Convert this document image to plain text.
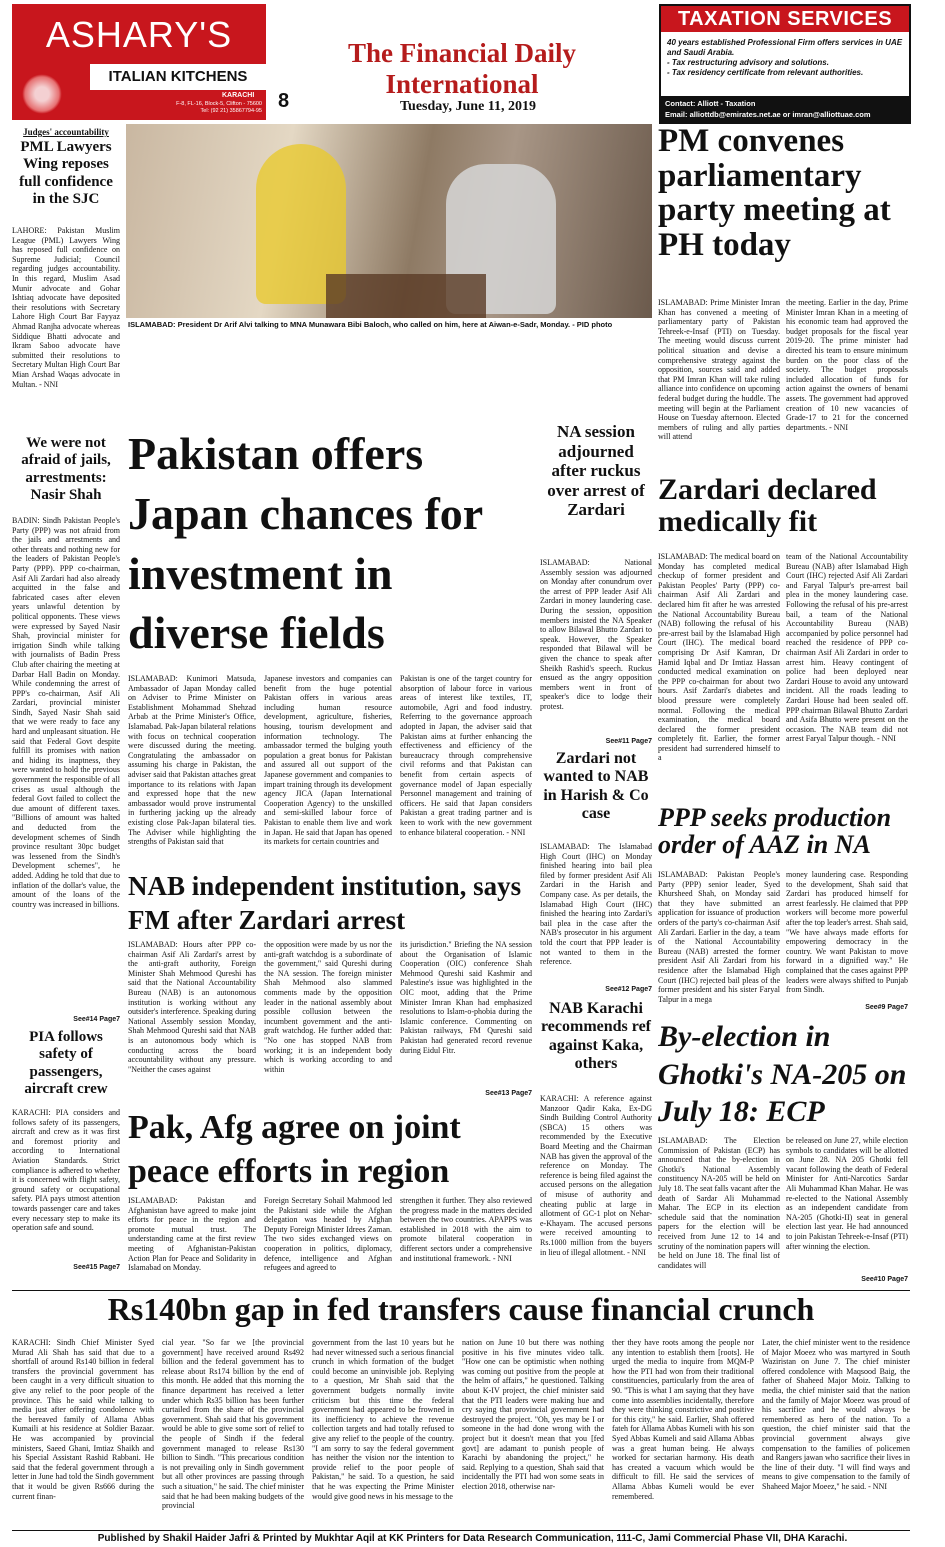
ASHARY'S
ITALIAN KITCHENS
KARACHI
F-8, FL-16, Block-5, Clifton - 75600
Tel: (92 21) 35867794-95
The Financial Daily International
8	Tuesday, June 11, 2019
TAXATION SERVICES
40 years established Professional Firm offers services in UAE and Saudi Arabia.
- Tax restructuring advisory and solutions.
- Tax residency certificate from relevant authorities.
Contact: Alliott - Taxation
Email: alliottdb@emirates.net.ae or imran@alliottuae.com
ISLAMABAD: President Dr Arif Alvi talking to MNA Munawara Bibi Baloch, who called on him, here at Aiwan-e-Sadr, Monday. - PID photo
Judges' accountability
PML Lawyers Wing reposes full confidence in the SJC
LAHORE: Pakistan Muslim League (PML) Lawyers Wing has reposed full confidence on Supreme Judicial; Council regarding judges accountability. In this regard, Muslim Asad Munir advocate and Gohar Ishtiaq advocate have deposited their resolutions with Secretary Lahore High Court Bar Fayyaz Ahmad Ranjha advocate whereas Siddique Bhatti advocate and Ikram Saboo advocate have submitted their resolutions to Secretary Multan High Court Bar Mian Arshad Waqas advocate in Multan. - NNI
We were not afraid of jails, arrestments: Nasir Shah
BADIN: Sindh Pakistan People's Party (PPP) was not afraid from the jails and arrestments and other threats and nothing new for the leaders of Pakistan People's Party (PPP). PPP co-chairman, Asif Ali Zardari had also already acquitted in the false and fabricated cases after eleven years unlawful detention by political opponents. These views were expressed by Sayed Nasir Shah, provincial minister for irrigation Sindh while talking with journalists of Badin Press Club after chairing the meeting at Darbar Hall Badin on Monday. While condemning the arrest of PPP's co-chairman, Asif Ali Zardari, provincial minister Sindh, Sayed Nasir Shah said that we were ready to face any hard and unpleasant situation. He said that Federal Govt despite fulfill its promises with nation and hiding its inaptness, they were wanted to hold the previous government the responsible of all crises as usual although the federal Govt failed to collect the due amount of different taxes. "Billions of amount was halted and deducted from the development schemes of Sindh province resultant 30pc budget was lessened from the Sindh's Development schemes", he added. Adding he told that due to inflation of the dollar's value, the amount of the loans of the country was increased in billions.
See#14 Page7
PIA follows safety of passengers, aircraft crew
KARACHI: PIA considers and follows safety of its passengers, aircraft and crew as it was first and foremost priority and according to International Aviation Standards. Strict compliance is adhered to whether it is concerned with flight safety, ground safety or occupational safety. PIA pays utmost attention towards passenger care and takes every necessary step to make its operation safe and sound.
See#15 Page7
PM convenes parliamentary party meeting at PH today
ISLAMABAD: Prime Minister Imran Khan has convened a meeting of parliamentary party of Pakistan Tehreek-e-Insaf (PTI) on Tuesday. The meeting would discuss current political situation and devise a comprehensive strategy against the opposition, sources said and added that PM Imran Khan will take ruling alliance into confidence on upcoming federal budget during the huddle. The meeting will begin at the Parliament House on Tuesday afternoon. Elected members of ruling and ally parties will attend
the meeting. Earlier in the day, Prime Minister Imran Khan in a meeting of his economic team had approved the budget proposals for the fiscal year 2019-20. The prime minister had directed his team to ensure minimum burden on the poor class of the society. The budget proposals included allocation of funds for action against the owners of benami assets. The government had approved creation of 10 new vacancies of Grade-17 to 21 for the concerned departments. - NNI
Pakistan offers Japan chances for investment in diverse fields
ISLAMABAD: Kunimori Matsuda, Ambassador of Japan Monday called on Adviser to Prime Minister on Establishment Mohammad Shehzad Arbab at the Prime Minister's Office, Islamabad. Pak-Japan bilateral relations with focus on technical cooperation were discussed during the meeting. Congratulating the ambassador on assuming his charge in Pakistan, the adviser said that Pakistan attaches great importance to its relations with Japan and expressed hope that the new ambassador would prove instrumental in furthering jacking up the already existing close Pak-Japan bilateral ties. The Adviser while highlighting the strengths of Pakistan said that
Japanese investors and companies can benefit from the huge potential Pakistan offers in various areas including human resource development, agriculture, fisheries, housing, tourism development and information technology. The ambassador termed the bulging youth population a great bonus for Pakistan and assured all out support of the Japanese government and companies to impart training through its development agency JICA (Japan International Cooperation Agency) to the unskilled and semi-skilled labour force of Pakistan to enable them live and work in Japan. He said that Japan has opened its markets for certain countries and
Pakistan is one of the target country for absorption of labour force in various areas of interest like textiles, IT, automobile, Agri and food industry. Referring to the governance approach adopted in Japan, the adviser said that Pakistan aims at further enhancing the effectiveness and efficiency of the bureaucracy through comprehensive civil reforms and that Pakistan can benefit from certain aspects of governance model of Japan especially Personnel management and training of officers. He said that Japan considers Pakistan a great trading partner and is keen to work with the new government to enhance bilateral cooperation. - NNI
NA session adjourned after ruckus over arrest of Zardari
ISLAMABAD: National Assembly session was adjourned on Monday after conundrum over the arrest of PPP leader Asif Ali Zardari in money laundering case. During the session, opposition members insisted the NA Speaker to allow Bilawal Bhutto Zardari to speak. However, the Speaker responded that Bilawal will be given the chance to speak after Sheikh Rashid's speech. Ruckus ensued as the angry opposition members went in front of speaker's dice to lodge their protest.
See#11 Page7
Zardari declared medically fit
ISLAMABAD: The medical board on Monday has completed medical checkup of former president and Pakistan Peoples' Party (PPP) co-chairman Asif Ali Zardari and declared him fit after he was arrested the National Accountability Bureau (NAB) following the refusal of his pre-arrest bail by the Islamabad High Court (IHC). The medical board comprising Dr Asif Kamran, Dr Hamid Iqbal and Dr Imtiaz Hassan conducted medical examination on the PPP co-chairman for about two hours. Asif Zardari's diabetes and blood pressure were completely normal. Following the medical examination, the medical board declared the former president completely fit. Earlier, the former president had surrendered himself to a
team of the National Accountability Bureau (NAB) after Islamabad High Court (IHC) rejected Asif Ali Zardari and Faryal Talpur's pre-arrest bail plea in the money laundering case. Following the refusal of his pre-arrest bail, a team of the National Accountability Bureau (NAB) accompanied by police personnel had reached the residence of PPP co-chairman Asif Ali Zardari in order to arrest him. Heavy contingent of police had been deployed near Zardari House to avoid any untoward incident. All the roads leading to Zardari House had been sealed off. PPP chairman Bilawal Bhutto Zardari and Asifa Bhutto were present on the occasion. The NAB team did not arrest Faryal Talpur though. - NNI
Zardari not wanted to NAB in Harish & Co case
ISLAMABAD: The Islamabad High Court (IHC) on Monday finished hearing into bail plea filed by former president Asif Ali Zardari in the Harish and Company case. As per details, the Islamabad High Court (IHC) finished the hearing into Zardari's bail plea in the case after the NAB's prosecutor in his argument told the court that PPP leader is not wanted to them in the reference.
See#12 Page7
PPP seeks production order of AAZ in NA
ISLAMABAD: Pakistan People's Party (PPP) senior leader, Syed Khursheed Shah, on Monday said that they have submitted an application for issuance of production orders of the party's co-chairman Asif Ali Zardari. Earlier in the day, a team of the National Accountability Bureau (NAB) arrested the former president Asif Ali Zardari from his residence after the Islamabad High Court (IHC) rejected bail pleas of the former president and his sister Faryal Talpur in a mega
money laundering case. Responding to the development, Shah said that Zardari has produced himself for arrest fearlessly. He claimed that PPP workers will become more powerful after the top leader's arrest. Shah said, "We have always made efforts for empowering democracy in the country. We want Pakistan to move forward in a dignified way." He complained that the cases against PPP leaders were always shifted to Punjab from Sindh.
See#9 Page7
NAB independent institution, says FM after Zardari arrest
ISLAMABAD: Hours after PPP co-chairman Asif Ali Zardari's arrest by the anti-graft authority, Foreign Minister Shah Mehmood Qureshi has said that the National Accountability Bureau (NAB) is an autonomous institution is working without any outsider's interference. Speaking during National Assembly session Monday, Shah Mehmood Qureshi said that NAB is an autonomous body which is conducting across the board accountability without any pressure. "Neither the cases against
the opposition were made by us nor the anti-graft watchdog is a subordinate of the government," said Qureshi during the NA session. The foreign minister Shah Mehmood also slammed comments made by the opposition leader in the national assembly about possible collusion between the incumbent government and the anti-graft watchdog. He further added that: "No one has stopped NAB from working; it is an independent body which is working according to and within
its jurisdiction." Briefing the NA session about the Organisation of Islamic Cooperation (OIC) conference Shah Mehmood Qureshi said Kashmir and Palestine's issue was highlighted in the OIC moot, adding that the Prime Minister Imran Khan had emphasized resolutions to Islam-o-phobia during the Islamic conference. Commenting on Pakistan railways, FM Qureshi said Pakistan had generated record revenue during Eidul Fitr.
See#13 Page7
NAB Karachi recommends ref against Kaka, others
KARACHI: A reference against Manzoor Qadir Kaka, Ex-DG Sindh Building Control Authority (SBCA) 15 others was recommended by the Executive Board Meeting and the Chairman NAB has given the approval of the reference on Monday. The reference is being filed against the accused persons on the allegation of misuse of authority and cheating public at large in allotment of GC-1 plot on Nehar-e-Khayam. The accused persons were received amounting to Rs.1000 million from the buyers in lieu of illegal allotment. - NNI
By-election in Ghotki's NA-205 on July 18: ECP
ISLAMABAD: The Election Commission of Pakistan (ECP) has announced that the by-election in Ghotki's National Assembly constituency NA-205 will be held on July 18. The seat falls vacant after the death of Sardar Ali Muhammad Mahar. The ECP in its election schedule said that the nomination papers for the election will be received from June 12 to 14 and scrutiny of the nomination papers will be held on June 18. The final list of candidates will
be released on June 27, while election symbols to candidates will be allotted on June 28. NA 205 Ghotki fell vacant following the death of Federal Minister for Anti-Narcotics Sardar Ali Muhammad Khan Mahar. He was re-elected to the National Assembly as an independent candidate from NA-205 (Ghotki-II) seat in general election last year. He had announced to join Pakistan Tehreek-e-Insaf (PTI) after winning the election.
See#10 Page7
Pak, Afg agree on joint peace efforts in region
ISLAMABAD: Pakistan and Afghanistan have agreed to make joint efforts for peace in the region and promote mutual trust. The understanding came at the first review meeting of Afghanistan-Pakistan Action Plan for Peace and Solidarity in Islamabad on Monday.
Foreign Secretary Sohail Mahmood led the Pakistani side while the Afghan delegation was headed by Afghan Deputy Foreign Minister Idrees Zaman. The two sides exchanged views on cooperation in politics, diplomacy, defence, intelligence and Afghan refugees and agreed to
strengthen it further. They also reviewed the progress made in the matters decided between the two countries. APAPPS was established in 2018 with the aim to promote bilateral cooperation in different sectors under a comprehensive and institutional framework. - NNI
Rs140bn gap in fed transfers cause financial crunch
KARACHI: Sindh Chief Minister Syed Murad Ali Shah has said that due to a shortfall of around Rs140 billion in federal transfers the provincial government has been caught in a very difficult situation to give any relief to the poor people of the province. This he said while talking to media just after offering condolence with the bereaved family of Allama Abbas Kumaili at his residence at Soldier Bazaar. He was accompanied by provincial ministers, Saeed Ghani, Imtiaz Shaikh and his Special Assistant Rashid Rabbani. He said that the federal government through a letter in June had told the Sindh government that it would be given Rs666 during the current finan-
cial year. "So far we [the provincial government] have received around Rs492 billion and the federal government has to release about Rs174 billion by the end of this month. He added that this morning the finance department has received a letter under which Rs35 billion has been further curtailed from the share of the provincial government. Shah said that his government would be able to give some sort of relief to the people of Sindh if the federal government managed to release Rs130 billion to Sindh. "This precarious condition is not prevailing only in Sindh government but all other provinces are passing through such a situation," he said. The chief minister said that he had been making budgets of the provincial
government from the last 10 years but he had never witnessed such a serious financial crunch in which formation of the budget could become an uninvisible job. Replying to a question, Mr Shah said that the government budgets normally invite criticism but this time the federal government had appeared to be frowned in its inefficiency to achieve the revenue collection targets and had totally refused to give any relief to the people of the country. "I am sorry to say the federal government has neither the vision nor the intention to provide relief to the poor people of Pakistan," he said. To a question, he said that he was expecting the Prime Minister would give good news in his message to the
nation on June 10 but there was nothing positive in his five minutes video talk. "How one can be optimistic when nothing was coming out positive from the people at the helm of affairs," he questioned. Talking about K-IV project, the chief minister said that the PTI leaders were making hue and cry saying that provincial government had destroyed the project. "Oh, yes may be I or someone in the had done wrong with the project but it doesn't mean that you [fed govt] are adamant to punish people of Karachi by abandoning the project," he said. Replying to a question, Shah said that incidentally the PTI had won some seats in election 2018, otherwise nar-
ther they have roots among the people nor any intention to establish them [roots]. He urged the media to inquire from MQM-P how the PTI had won from their traditional constituencies, particularly from the area of 90. "This is what I am saying that they have come into assemblies incidentally, therefore they were thinking constrictive and positive for this city," he said. Earlier, Shah offered fateh for Allama Abbas Kumeli with his son Syed Abbas Kumeli and said Allama Abbas was a great human being. He always worked for sectarian harmony. His death has created a vacuum which would be difficult to fill. He said the services of Allama Abbas Kumeli would be ever remembered.
Later, the chief minister went to the residence of Major Moeez who was martyred in South Waziristan on June 7. The chief minister offered condolence with Maqsood Baig, the father of Shaheed Major Moiz. Talking to media, the chief minister said that the nation and the family of Major Moeez was proud of his sacrifice and he would always be remembered as hero of the nation. To a question, the chief minister said that the provincial government always give compensation to the families of policemen and Rangers jawan who sacrifice their lives in the line of their duty. "I will find ways and means to give compensation to the family of Shaheed Major Moeez," he said. - NNI
Published by Shakil Haider Jafri & Printed by Mukhtar Aqil at KK Printers for Data Research Communication, 111-C, Jami Commercial Phase VII, DHA Karachi.
